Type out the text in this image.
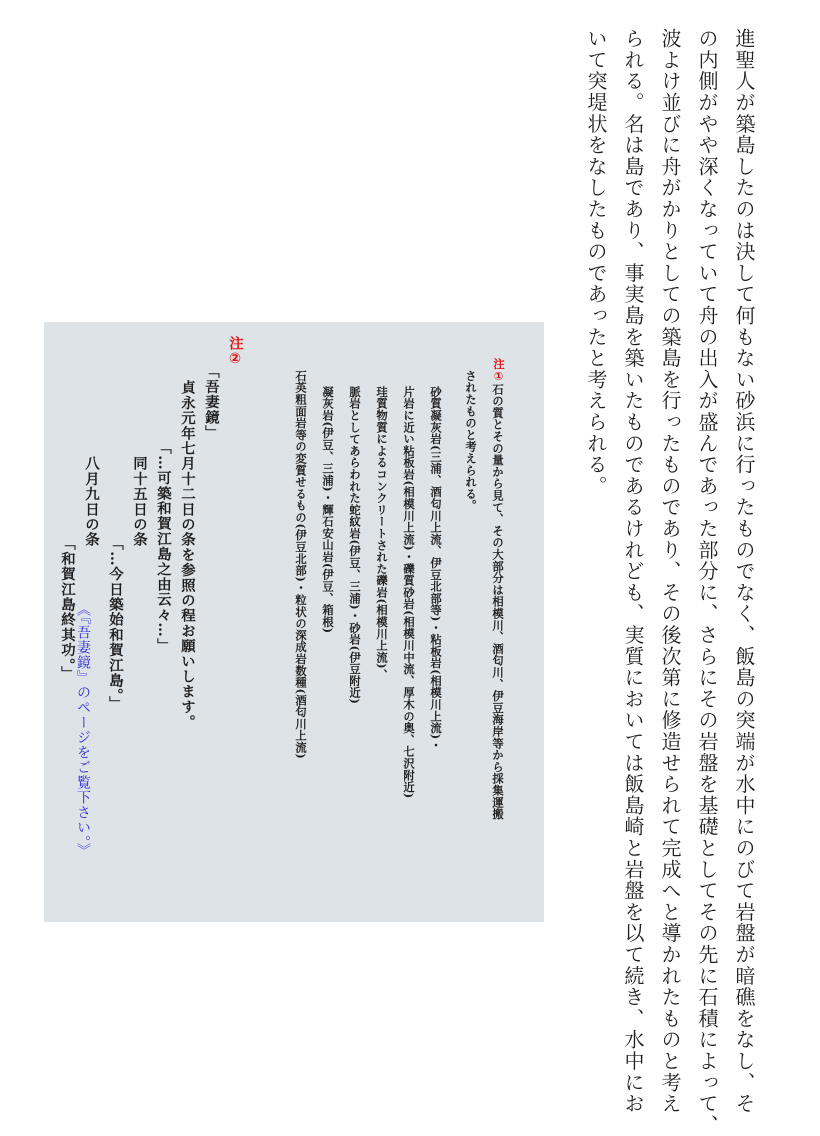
進聖人が築島したのは決して何もない砂浜に行ったものでなく、飯島の突端が水中にのびて岩盤が暗礁をなし、そ

の内側がやや深くなっていて舟の出入が盛んであった部分に、さらにその岩盤を基礎としてその先に石積によって、

波よけ並びに舟がかりとしての築島を行ったものであり、その後次第に修造せられて完成へと導かれたものと考え

られる。名は島であり、事実島を築いたものであるけれども、実質においては飯島崎と岩盤を以て続き、水中にお

いて突堤状をなしたものであったと考えられる。

注①石の質とその量から見て、その大部分は相模川、酒匂川、伊豆海岸等から採集運搬

されたものと考えられる。

砂質凝灰岩(三浦、酒匂川上流、伊豆北部等)・粘板岩(相模川上流)・

片岩に近い粘板岩(相模川上流)・礫質砂岩(相模川中流、厚木の奥、七沢附近)

珪質物質によるコンクリートされた礫岩(相模川上流)、

脈岩としてあらわれた蛇紋岩(伊豆、三浦)・砂岩(伊豆附近)

凝灰岩(伊豆、三浦)・輝石安山岩(伊豆、箱根)

石英粗面岩等の変質せるもの(伊豆北部)・粒状の深成岩数種(酒匂川上流)

注②

「吾妻鏡」

貞永元年七月十二日の条を参照の程お願いします。

「…可築和賀江島之由云々…」

同十五日の条

「…今日築始和賀江島。」

八月九日の条

「和賀江島終其功。」 《『吾妻鏡』のページをご覧下さい。》
